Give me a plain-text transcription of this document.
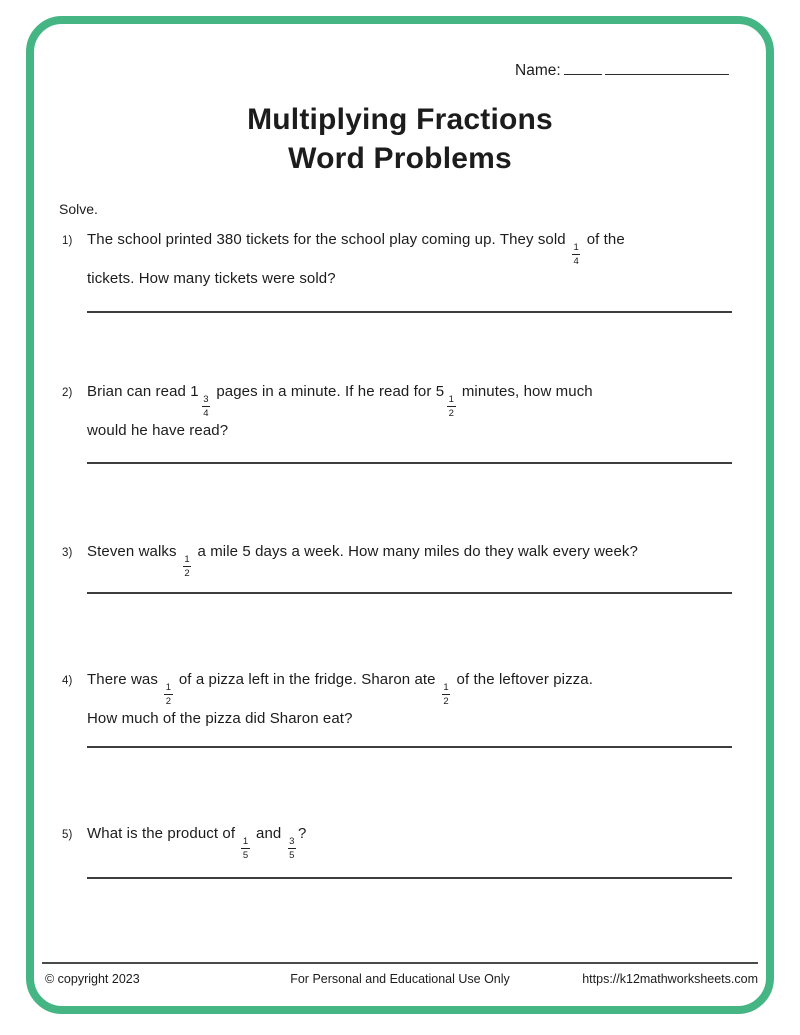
Name:
Multiplying Fractions
Word Problems
Solve.
1) The school printed 380 tickets for the school play coming up. They sold
$\frac{1}{4}$
of the
tickets. How many tickets were sold?
2) Brian can read 1
$\frac{3}{4}$
pages in a minute. If he read for 5
$\frac{1}{2}$
minutes, how much
would he have read?
3) Steven walks
$\frac{1}{2}$
a mile 5 days a week. How many miles do they walk every week?
4) There was
$\frac{1}{2}$
of a pizza left in the fridge. Sharon ate
$\frac{1}{2}$
of the leftover pizza.
How much of the pizza did Sharon eat?
5) What is the product of
$\frac{1}{5}$
and
$\frac{3}{5}$
?
© copyright 2023	For Personal and Educational Use Only	https://k12mathworksheets.com
